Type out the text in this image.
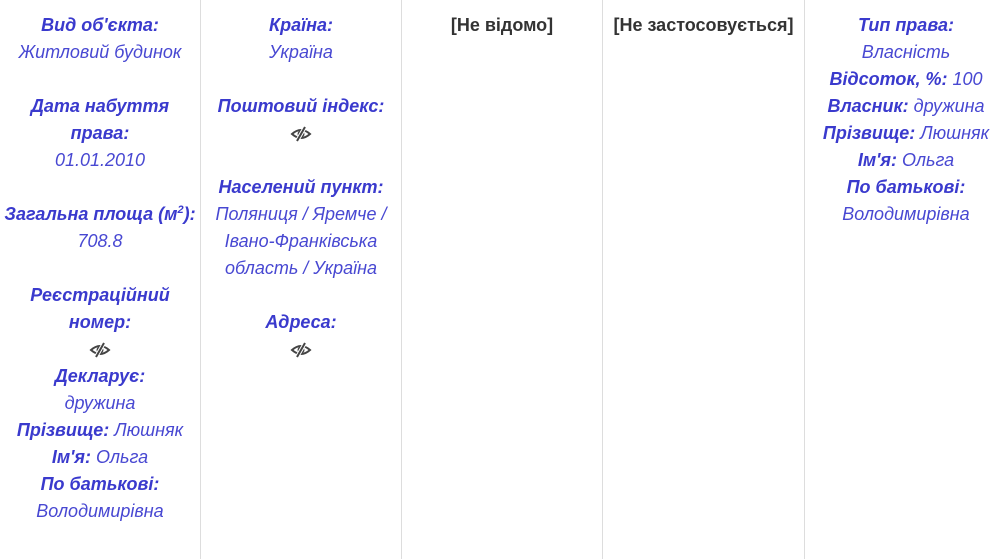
Вид об'єкта:
Житловий будинок
Дата набуття права:
01.01.2010
Загальна площа $(м^2)$:
708.8
Реєстраційний номер:
Декларує:
дружина
Прізвище: Люшняк
Ім'я: Ольга
По батькові:
Володимирівна
Країна:
Україна
Поштовий індекс:
Населений пункт:
Поляниця / Яремче / Івано-Франківська область / Україна
Адреса:
[Не відомо]	[Не застосовується]	Тип права:
Власність
Відсоток, %: 100
Власник: дружина
Прізвище: Люшняк
Ім'я: Ольга
По батькові:
Володимирівна
